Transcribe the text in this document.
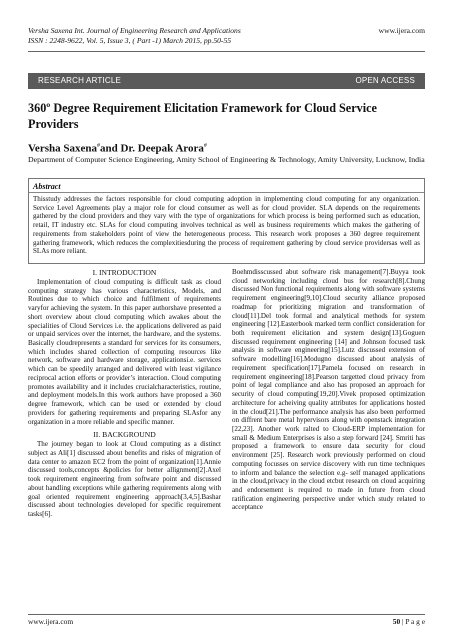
Versha Saxena Int. Journal of Engineering Research and Applications
ISSN : 2248-9622, Vol. 5, Issue 3, ( Part -1) March 2015, pp.50-55
www.ijera.com
RESEARCH ARTICLE	OPEN ACCESS
360º Degree Requirement Elicitation Framework for Cloud Service Providers
Versha Saxena#and Dr. Deepak Arora#
Department of Computer Science Engineering, Amity School of Engineering & Technology, Amity University, Lucknow, India
Abstract
Thisstudy addresses the factors responsible for cloud computing adoption in implementing cloud computing for any organization. Service Level Agreements play a major role for cloud consumer as well as for cloud provider. SLA depends on the requirements gathered by the cloud providers and they vary with the type of organizations for which process is being performed such as education, retail, IT industry etc. SLAs for cloud computing involves technical as well as business requirements which makes the gathering of requirements from stakeholders point of view the heterogeneous process. This research work proposes a 360 degree requirement gathering framework, which reduces the complexitiesduring the process of requirement gathering by cloud service providersas well as SLAs more reliant.
I. INTRODUCTION
Implementation of cloud computing is difficult task as cloud computing strategy has various characteristics, Models, and Routines due to which choice and fulfilment of requirements varyfor achieving the system. In this paper authorshave presented a short overview about cloud computing which awakes about the specialities of Cloud Services i.e. the applications delivered as paid or unpaid services over the internet, the hardware, and the systems. Basically cloudrepresents a standard for services for its consumers, which includes shared collection of computing resources like network, software and hardware storage, applicationsi.e. services which can be speedily arranged and delivered with least vigilance reciprocal action efforts or provider’s interaction. Cloud computing promotes availability and it includes crucialcharacteristics, routine, and deployment models.In this work authors have proposed a 360 degree framework, which can be used or extended by cloud providers for gathering requirements and preparing SLAsfor any organization in a more reliable and specific manner.
II. BACKGROUND
The journey began to look at Cloud computing as a distinct subject as Ali[1] discussed about benefits and risks of migration of data center to amazon EC2 from the point of organization[1].Annie discussed tools,concepts &policies for better allignment[2].Axel took requirement engineering from software point and discussed about handling exceptions while gathering requirements along with goal oriented requirement engineering approach[3,4,5].Bashar discussed about technologies developed for specific requirement tasks[6].
Boehmdisscussed abut software risk management[7].Buyya took cloud networking including cloud bus for research[8].Chung discussed Non functional requirements along with software systems requirement engineering[9,10].Cloud security alliance proposed roadmap for prioritizing migration and transformation of cloud[11].Del took formal and analytical methods for system engineering [12].Easterbook marked term conflict consideration for both requirement elicitation and system design[13].Goguen discussed requirement engineering [14] and Johnson focused task analysis in software engineering[15].Lutz discussed extension of software modelling[16].Modugno discussed about analysis of requirement specification[17].Pamela focused on research in requirement engineering[18].Pearson targetted cloud privacy from point of legal compliance and also has proposed an approach for security of cloud computing[19,20].Vivek proposed optimization architecture for acheiving quality attributes for applications hosted in the cloud[21].The performance analysis has also been performed on diffrent bare metal hypervisors along with openstack integration [22,23]. Another work ralted to Cloud-ERP implementation for small & Medium Enterprises is also a step forward [24]. Smriti has proposed a framework to ensure data security for cloud environment [25]. Research work previously performed on cloud computing focusses on service discovery with run time techniques to inform and balance the selection e.g- self managed applications in the cloud,privacy in the cloud etcbut research on cloud acquiring and endorsement is required to made in future from cloud ratification engineering perspective under which study related to acceptance
www.ijera.com	50 | P a g e
